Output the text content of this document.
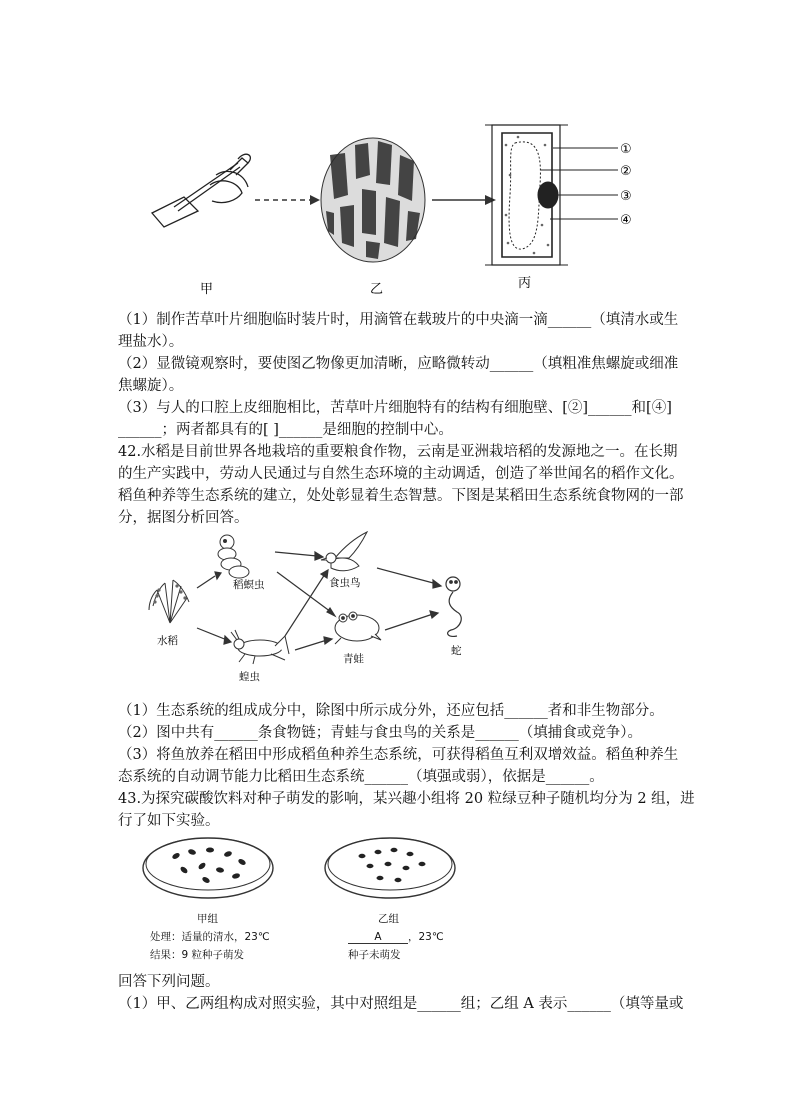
①
②
③
④
甲	乙	丙
（1）制作苦草叶片细胞临时装片时，用滴管在载玻片的中央滴一滴______（填清水或生
理盐水）。
（2）显微镜观察时，要使图乙物像更加清晰，应略微转动______（填粗准焦螺旋或细准
焦螺旋）。
（3）与人的口腔上皮细胞相比，苦草叶片细胞特有的结构有细胞壁、[②]______和[④]
______；两者都具有的[ ]______是细胞的控制中心。
42.水稻是目前世界各地栽培的重要粮食作物，云南是亚洲栽培稻的发源地之一。在长期
的生产实践中，劳动人民通过与自然生态环境的主动调适，创造了举世闻名的稻作文化。
稻鱼种养等生态系统的建立，处处彰显着生态智慧。下图是某稻田生态系统食物网的一部
分，据图分析回答。
水稻
稻螟虫	食虫鸟
蝗虫
青蛙
蛇
（1）生态系统的组成成分中，除图中所示成分外，还应包括______者和非生物部分。
（2）图中共有______条食物链；青蛙与食虫鸟的关系是______（填捕食或竞争）。
（3）将鱼放养在稻田中形成稻鱼种养生态系统，可获得稻鱼互利双增效益。稻鱼种养生
态系统的自动调节能力比稻田生态系统______（填强或弱），依据是______。
43.为探究碳酸饮料对种子萌发的影响，某兴趣小组将 20 粒绿豆种子随机均分为 2 组，进
行了如下实验。
甲组	乙组
处理：适量的清水，23℃
结果：9 粒种子萌发
A	，23℃
种子未萌发
回答下列问题。
（1）甲、乙两组构成对照实验，其中对照组是______组；乙组 A 表示______（填等量或
